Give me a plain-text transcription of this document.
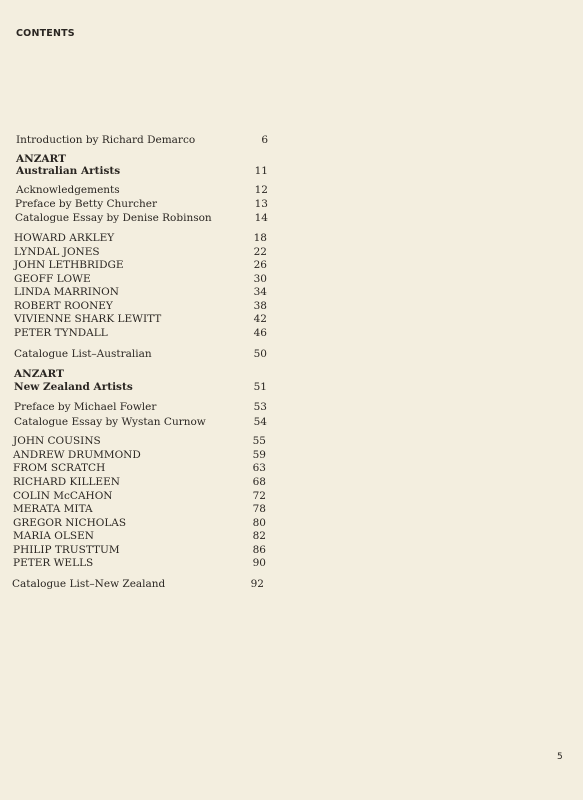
CONTENTS
Introduction by Richard Demarco	6
ANZART
Australian Artists	11
Acknowledgements	12
Preface by Betty Churcher	13
Catalogue Essay by Denise Robinson	14
HOWARD ARKLEY	18
LYNDAL JONES	22
JOHN LETHBRIDGE	26
GEOFF LOWE	30
LINDA MARRINON	34
ROBERT ROONEY	38
VIVIENNE SHARK LEWITT	42
PETER TYNDALL	46
Catalogue List–Australian	50
ANZART
New Zealand Artists	51
Preface by Michael Fowler	53
Catalogue Essay by Wystan Curnow	54
JOHN COUSINS	55
ANDREW DRUMMOND	59
FROM SCRATCH	63
RICHARD KILLEEN	68
COLIN McCAHON	72
MERATA MITA	78
GREGOR NICHOLAS	80
MARIA OLSEN	82
PHILIP TRUSTTUM	86
PETER WELLS	90
Catalogue List–New Zealand	92
5
